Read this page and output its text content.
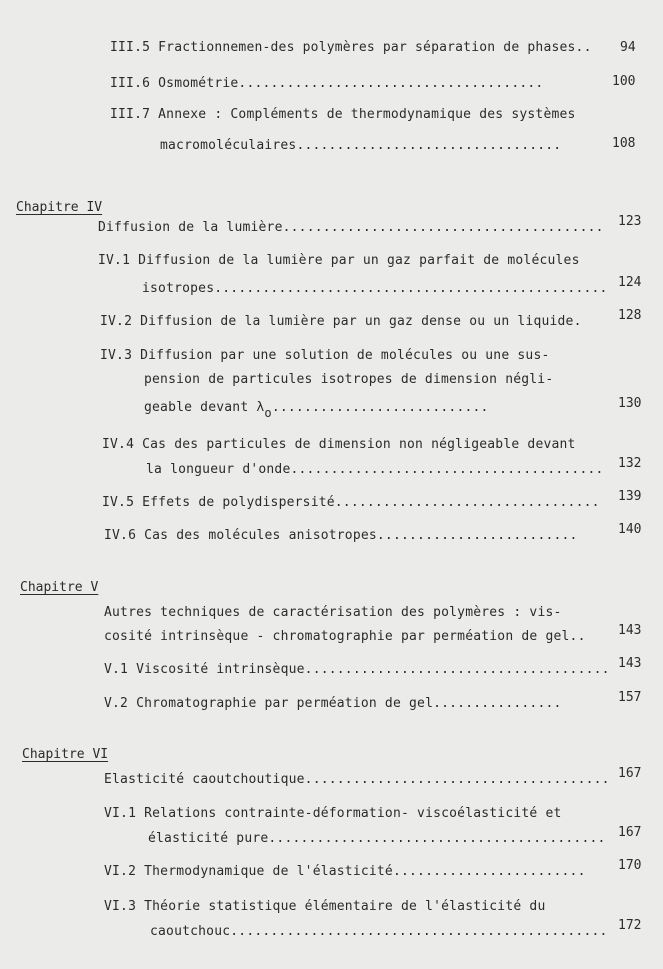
III.5 Fractionnemen-des polymères par séparation de phases.. 94
III.6 Osmométrie......................................	100
III.7 Annexe : Compléments de thermodynamique des systèmes
macromoléculaires.................................	108
Chapitre IV
Diffusion de la lumière........................................ 123
IV.1 Diffusion de la lumière par un gaz parfait de molécules
isotropes................................................. 124
IV.2 Diffusion de la lumière par un gaz dense ou un liquide.	128
IV.3 Diffusion par une solution de molécules ou une sus-
pension de particules isotropes de dimension négli-
geable devant λo...........................	130
IV.4 Cas des particules de dimension non négligeable devant
la longueur d'onde....................................... 132
IV.5 Effets de polydispersité................................. 139
IV.6 Cas des molécules anisotropes.........................	140
Chapitre V
Autres techniques de caractérisation des polymères : vis-
cosité intrinsèque - chromatographie par perméation de gel.. 143
V.1 Viscosité intrinsèque...................................... 143
V.2 Chromatographie par perméation de gel................	157
Chapitre VI
Elasticité caoutchoutique...................................... 167
VI.1 Relations contrainte-déformation- viscoélasticité et
élasticité pure.......................................... 167
VI.2 Thermodynamique de l'élasticité........................ 170
VI.3 Théorie statistique élémentaire de l'élasticité du
caoutchouc............................................... 172
